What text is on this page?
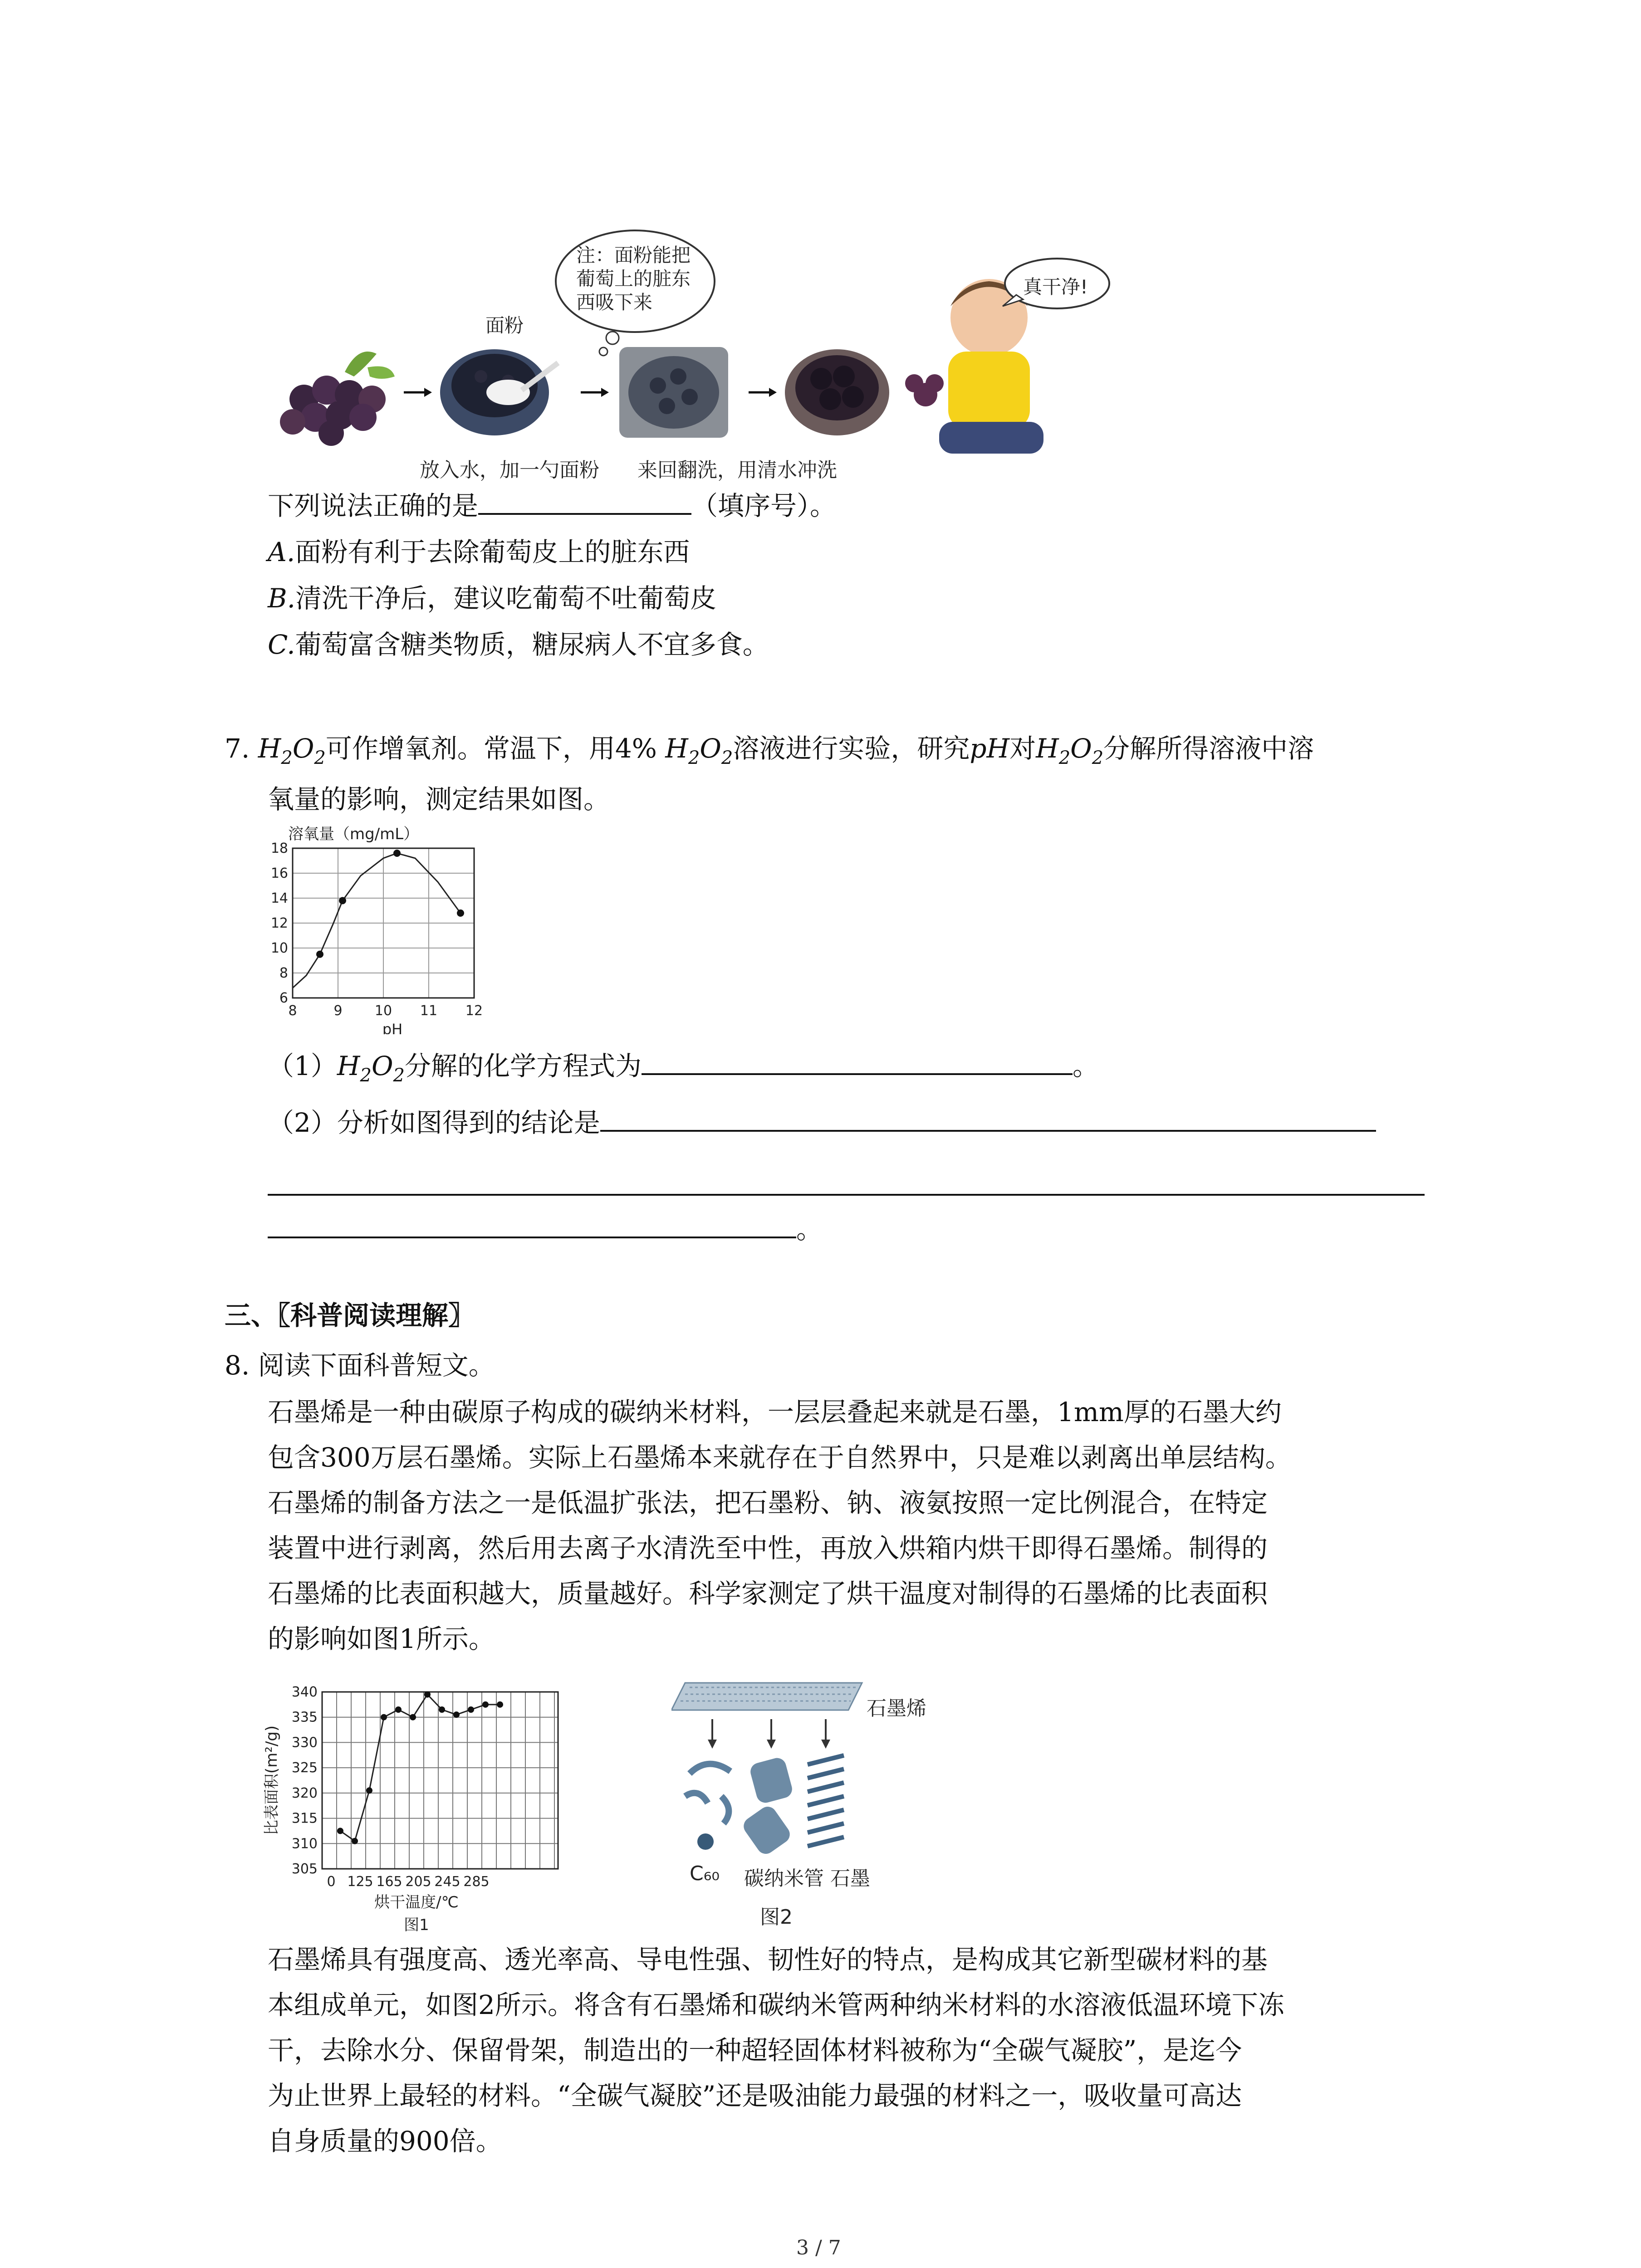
面粉
注：面粉能把
葡萄上的脏东
西吸下来
真干净!
放入水，加一勺面粉 来回翻洗，用清水冲洗
下列说法正确的是	（填序号）。
A.面粉有利于去除葡萄皮上的脏东西
B.清洗干净后，建议吃葡萄不吐葡萄皮
C.葡萄富含糖类物质，糖尿病人不宜多食。
7. $H_2O_2$可作增氧剂。常温下，用4% $H_2O_2$溶液进行实验，研究pH对$H_2O_2$分解所得溶液中溶
氧量的影响，测定结果如图。
8	9 10 11 12
6
8
10
12
14
16
18
溶氧量（mg/mL）
pH
$(1)H_2O_2$分解的化学方程式为	。
（2）分析如图得到的结论是
。
三、〖科普阅读理解〗
8. 阅读下面科普短文。
石墨烯是一种由碳原子构成的碳纳米材料，一层层叠起来就是石墨，1mm厚的石墨大约
包含300万层石墨烯。实际上石墨烯本来就存在于自然界中，只是难以剥离出单层结构。
石墨烯的制备方法之一是低温扩张法，把石墨粉、钠、液氨按照一定比例混合，在特定
装置中进行剥离，然后用去离子水清洗至中性，再放入烘箱内烘干即得石墨烯。制得的
石墨烯的比表面积越大，质量越好。科学家测定了烘干温度对制得的石墨烯的比表面积
的影响如图1所示。
0 125 165 205 245 285
305
310
315
320
325
330
335
340
比表面积(m²/g)
烘干温度/℃
图1
石墨烯
C₆₀ 碳纳米管 石墨
图2
石墨烯具有强度高、透光率高、导电性强、韧性好的特点，是构成其它新型碳材料的基
本组成单元，如图2所示。将含有石墨烯和碳纳米管两种纳米材料的水溶液低温环境下冻
干，去除水分、保留骨架，制造出的一种超轻固体材料被称为“全碳气凝胶”，是迄今
为止世界上最轻的材料。“全碳气凝胶”还是吸油能力最强的材料之一，吸收量可高达
自身质量的900倍。
3 / 7
